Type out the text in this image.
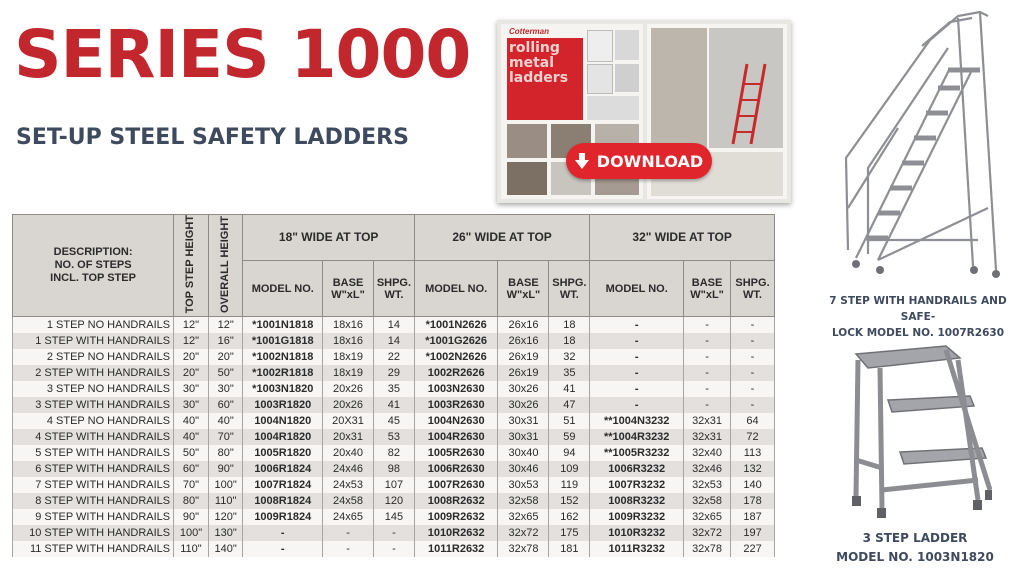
SERIES 1000
SET-UP STEEL SAFETY LADDERS
Cotterman
rolling metal ladders
DOWNLOAD
DESCRIPTION:
NO. OF STEPS
INCL. TOP STEP	TOP STEP HEIGHT	OVERALL HEIGHT	18" WIDE AT TOP			26" WIDE AT TOP			32" WIDE AT TOP		
			MODEL NO.	BASE W"xL"	SHPG. WT.	MODEL NO.	BASE W"xL"	SHPG. WT.	MODEL NO.	BASE W"xL"	SHPG. WT.
1 STEP NO HANDRAILS	12"	12"	*1001N1818	18x16	14	*1001N2626	26x16	18	-	-	-
1 STEP WITH HANDRAILS	12"	16"	*1001G1818	18x16	14	*1001G2626	26x16	18	-	-	-
2 STEP NO HANDRAILS	20"	20"	*1002N1818	18x19	22	*1002N2626	26x19	32	-	-	-
2 STEP WITH HANDRAILS	20"	50"	*1002R1818	18x19	29	1002R2626	26x19	35	-	-	-
3 STEP NO HANDRAILS	30"	30"	*1003N1820	20x26	35	1003N2630	30x26	41	-	-	-
3 STEP WITH HANDRAILS	30"	60"	1003R1820	20x26	41	1003R2630	30x26	47	-	-	-
4 STEP NO HANDRAILS	40"	40"	1004N1820	20X31	45	1004N2630	30x31	51	**1004N3232	32x31	64
4 STEP WITH HANDRAILS	40"	70"	1004R1820	20x31	53	1004R2630	30x31	59	**1004R3232	32x31	72
5 STEP WITH HANDRAILS	50"	80"	1005R1820	20x40	82	1005R2630	30x40	94	**1005R3232	32x40	113
6 STEP WITH HANDRAILS	60"	90"	1006R1824	24x46	98	1006R2630	30x46	109	1006R3232	32x46	132
7 STEP WITH HANDRAILS	70"	100"	1007R1824	24x53	107	1007R2630	30x53	119	1007R3232	32x53	140
8 STEP WITH HANDRAILS	80"	110"	1008R1824	24x58	120	1008R2632	32x58	152	1008R3232	32x58	178
9 STEP WITH HANDRAILS	90"	120"	1009R1824	24x65	145	1009R2632	32x65	162	1009R3232	32x65	187
10 STEP WITH HANDRAILS	100"	130"	-	-	-	1010R2632	32x72	175	1010R3232	32x72	197
11 STEP WITH HANDRAILS	110"	140"	-	-	-	1011R2632	32x78	181	1011R3232	32x78	227
7 STEP WITH HANDRAILS AND SAFE-
LOCK MODEL NO. 1007R2630
3 STEP LADDER
MODEL NO. 1003N1820
